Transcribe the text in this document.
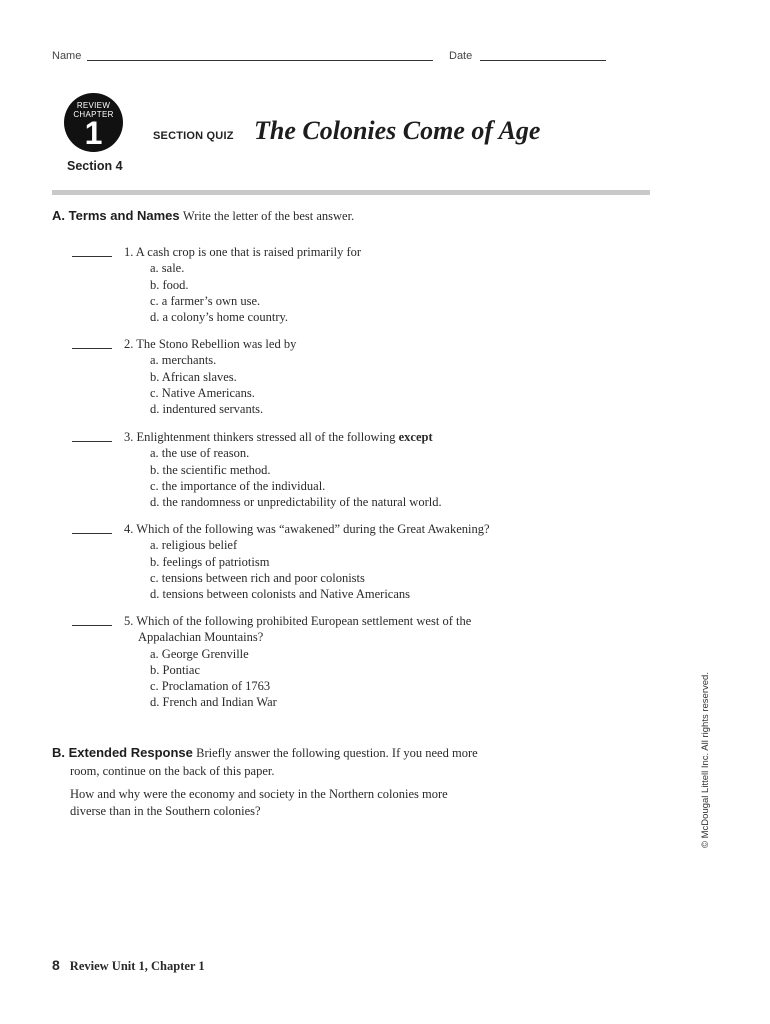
Name	Date
REVIEW
CHAPTER
1
Section 4
SECTION QUIZ The Colonies Come of Age
A. Terms and Names Write the letter of the best answer.
1. A cash crop is one that is raised primarily for
a. sale.
b. food.
c. a farmer’s own use.
d. a colony’s home country.
2. The Stono Rebellion was led by
a. merchants.
b. African slaves.
c. Native Americans.
d. indentured servants.
3. Enlightenment thinkers stressed all of the following except
a. the use of reason.
b. the scientific method.
c. the importance of the individual.
d. the randomness or unpredictability of the natural world.
4. Which of the following was “awakened” during the Great Awakening?
a. religious belief
b. feelings of patriotism
c. tensions between rich and poor colonists
d. tensions between colonists and Native Americans
5. Which of the following prohibited European settlement west of the
Appalachian Mountains?
a. George Grenville
b. Pontiac
c. Proclamation of 1763
d. French and Indian War
B. Extended Response Briefly answer the following question. If you need more
room, continue on the back of this paper.
How and why were the economy and society in the Northern colonies more
diverse than in the Southern colonies?	© McDougal Littell Inc. All rights reserved.
8 Review Unit 1, Chapter 1
